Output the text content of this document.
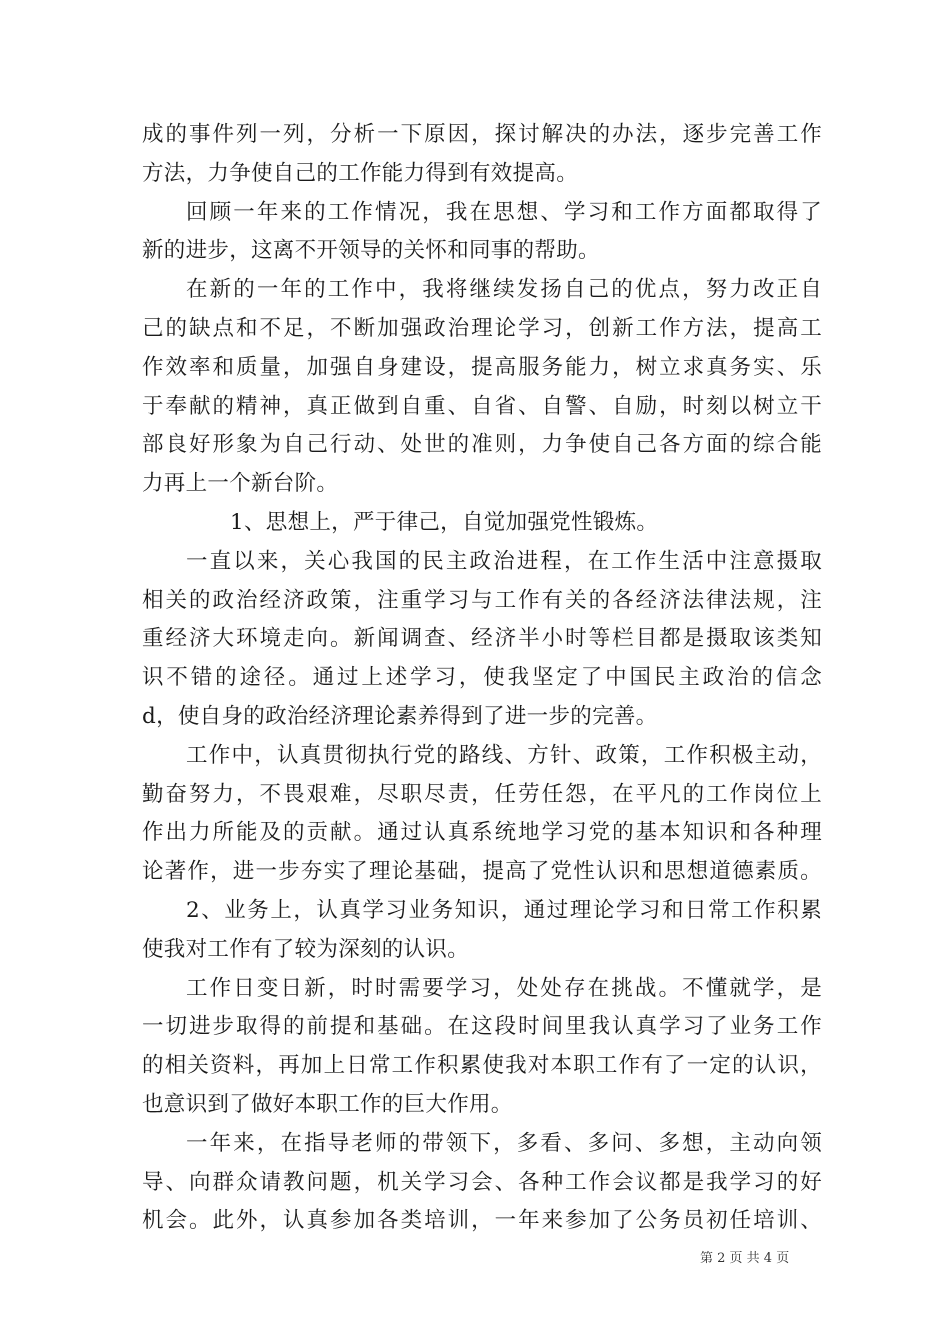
成的事件列一列，分析一下原因，探讨解决的办法，逐步完善工作
方法，力争使自己的工作能力得到有效提高。
回顾一年来的工作情况，我在思想、学习和工作方面都取得了
新的进步，这离不开领导的关怀和同事的帮助。
在新的一年的工作中，我将继续发扬自己的优点，努力改正自
己的缺点和不足，不断加强政治理论学习，创新工作方法，提高工
作效率和质量，加强自身建设，提高服务能力，树立求真务实、乐
于奉献的精神，真正做到自重、自省、自警、自励，时刻以树立干
部良好形象为自己行动、处世的准则，力争使自己各方面的综合能
力再上一个新台阶。
1、思想上，严于律己，自觉加强党性锻炼。
一直以来，关心我国的民主政治进程，在工作生活中注意摄取
相关的政治经济政策，注重学习与工作有关的各经济法律法规，注
重经济大环境走向。新闻调查、经济半小时等栏目都是摄取该类知
识不错的途径。通过上述学习，使我坚定了中国民主政治的信念
d，使自身的政治经济理论素养得到了进一步的完善。
工作中，认真贯彻执行党的路线、方针、政策，工作积极主动，
勤奋努力，不畏艰难，尽职尽责，任劳任怨，在平凡的工作岗位上
作出力所能及的贡献。通过认真系统地学习党的基本知识和各种理
论著作，进一步夯实了理论基础，提高了党性认识和思想道德素质。
2、业务上，认真学习业务知识，通过理论学习和日常工作积累
使我对工作有了较为深刻的认识。
工作日变日新，时时需要学习，处处存在挑战。不懂就学，是
一切进步取得的前提和基础。在这段时间里我认真学习了业务工作
的相关资料，再加上日常工作积累使我对本职工作有了一定的认识，
也意识到了做好本职工作的巨大作用。
一年来，在指导老师的带领下，多看、多问、多想，主动向领
导、向群众请教问题，机关学习会、各种工作会议都是我学习的好
机会。此外，认真参加各类培训，一年来参加了公务员初任培训、
第 2 页 共 4 页
